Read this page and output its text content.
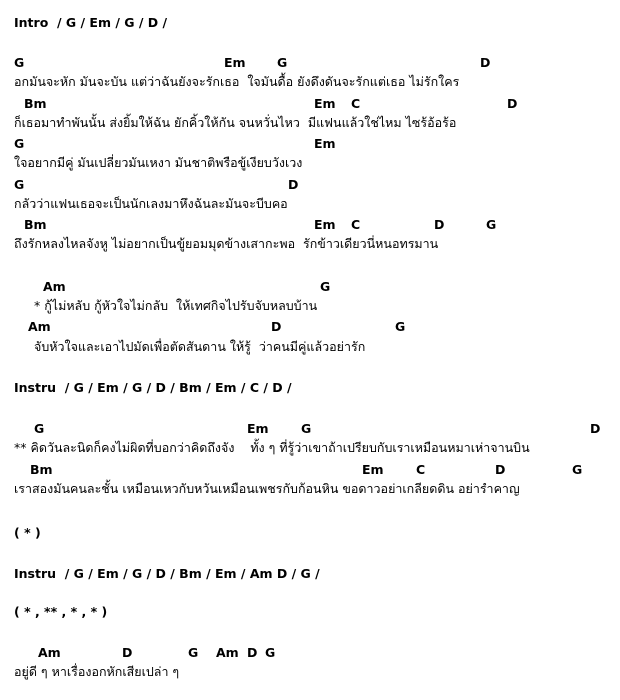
Intro  / G / Em / G / D /
G	Em	G	D
อกมันจะหัก มันจะบัน แต่ว่าฉันยังจะรักเธอ  ใจมันดื้อ ยังดึงดันจะรักแต่เธอ ไม่รักใคร
Bm	Em C	D
ก็เธอมาทำพันนั้น ส่งยิ้มให้ฉัน ยักคิ้วให้กัน จนหวั่นไหว  มีแฟนแล้วใช่ไหม ไซร้อ้อร้อ
G	Em
ใจอยากมีคู่ มันเปลี่ยวมันเหงา มันชาติพรือขู้เงียบวังเวง
G	D
กลัวว่าแฟนเธอจะเป็นนักเลงมาหึงฉันละมันจะบีบคอ
Bm	Em C	D	G
ถึงรักหลงไหลจังหู ไม่อยากเป็นขู้ยอมมุดข้างเสากะพอ  รักข้าวเดียวนี่หนอทรมาน
Am	G
* กู้ไม่หลับ กู้หัวใจไม่กลับ  ให้เทศกิจไปรับจับหลบบ้าน
Am	D	G
จับหัวใจและเอาไปมัดเพื่อตัดสันดาน ให้รู้  ว่าคนมีคู่แล้วอย่ารัก
Instru  / G / Em / G / D / Bm / Em / C / D /
G	Em	G	D
** คิดวันละนิดก็คงไม่ผิดที่บอกว่าคิดถึงจัง    ทั้ง ๆ ที่รู้ว่าเขาถ้าเปรียบกับเราเหมือนหมาเห่าจานบิน
Bm	Em	C	D	G
เราสองมันคนละชั้น เหมือนเหวกับหวันเหมือนเพชรกับก้อนหิน ขอดาวอย่าเกลียดดิน อย่ารำคาญ
( * )
Instru  / G / Em / G / D / Bm / Em / Am D / G /
( * , ** , * , * )
Am	D	G Am D G
อยู่ดี ๆ หาเรื่องอกหักเสียเปล่า ๆ
